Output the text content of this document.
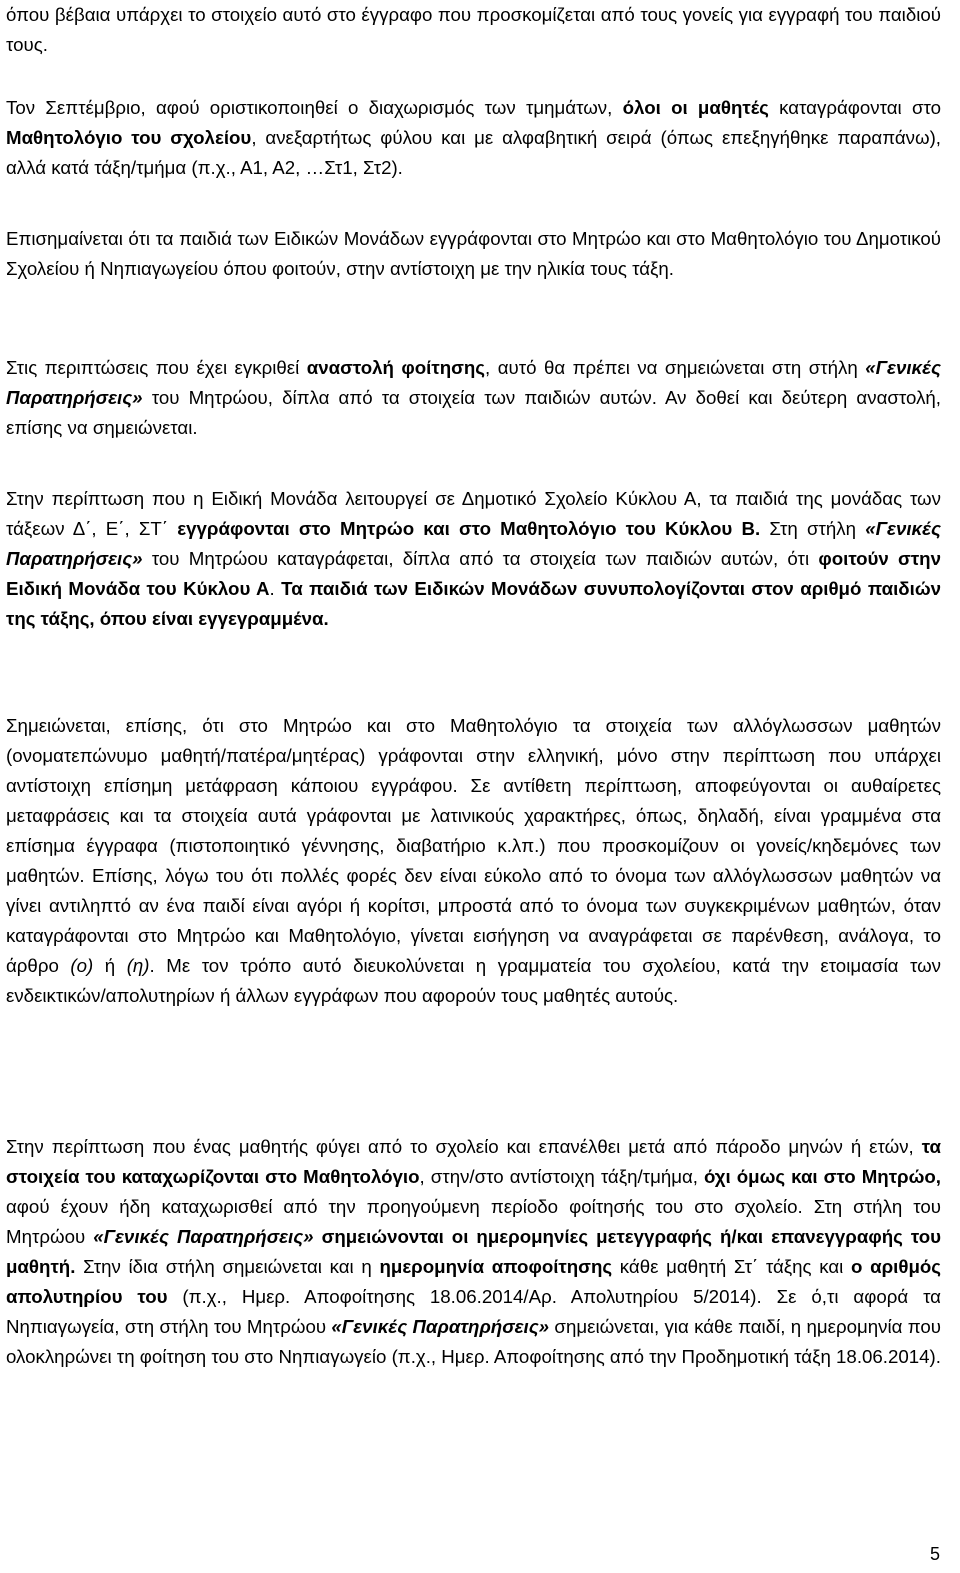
όπου βέβαια υπάρχει το στοιχείο αυτό στο έγγραφο που προσκομίζεται από τους γονείς για εγγραφή του παιδιού τους.

Τον Σεπτέμβριο, αφού οριστικοποιηθεί ο διαχωρισμός των τμημάτων, όλοι οι μαθητές καταγράφονται στο Μαθητολόγιο του σχολείου, ανεξαρτήτως φύλου και με αλφαβητική σειρά (όπως επεξηγήθηκε παραπάνω), αλλά κατά τάξη/τμήμα (π.χ., Α1, Α2, …Στ1, Στ2).

Επισημαίνεται ότι τα παιδιά των Ειδικών Μονάδων εγγράφονται στο Μητρώο και στο Μαθητολόγιο του Δημοτικού Σχολείου ή Νηπιαγωγείου όπου φοιτούν, στην αντίστοιχη με την ηλικία τους τάξη.

Στις περιπτώσεις που έχει εγκριθεί αναστολή φοίτησης, αυτό θα πρέπει να σημειώνεται στη στήλη «Γενικές Παρατηρήσεις» του Μητρώου, δίπλα από τα στοιχεία των παιδιών αυτών. Αν δοθεί και δεύτερη αναστολή, επίσης να σημειώνεται.

Στην περίπτωση που η Ειδική Μονάδα λειτουργεί σε Δημοτικό Σχολείο Κύκλου Α, τα παιδιά της μονάδας των τάξεων Δ΄, Ε΄, ΣΤ΄ εγγράφονται στο Μητρώο και στο Μαθητολόγιο του Κύκλου Β. Στη στήλη «Γενικές Παρατηρήσεις» του Μητρώου καταγράφεται, δίπλα από τα στοιχεία των παιδιών αυτών, ότι φοιτούν στην Ειδική Μονάδα του Κύκλου Α. Τα παιδιά των Ειδικών Μονάδων συνυπολογίζονται στον αριθμό παιδιών της τάξης, όπου είναι εγγεγραμμένα.

Σημειώνεται, επίσης, ότι στο Μητρώο και στο Μαθητολόγιο τα στοιχεία των αλλόγλωσσων μαθητών (ονοματεπώνυμο μαθητή/πατέρα/μητέρας) γράφονται στην ελληνική, μόνο στην περίπτωση που υπάρχει αντίστοιχη επίσημη μετάφραση κάποιου εγγράφου. Σε αντίθετη περίπτωση, αποφεύγονται οι αυθαίρετες μεταφράσεις και τα στοιχεία αυτά γράφονται με λατινικούς χαρακτήρες, όπως, δηλαδή, είναι γραμμένα στα επίσημα έγγραφα (πιστοποιητικό γέννησης, διαβατήριο κ.λπ.) που προσκομίζουν οι γονείς/κηδεμόνες των μαθητών. Επίσης, λόγω του ότι πολλές φορές δεν είναι εύκολο από το όνομα των αλλόγλωσσων μαθητών να γίνει αντιληπτό αν ένα παιδί είναι αγόρι ή κορίτσι, μπροστά από το όνομα των συγκεκριμένων μαθητών, όταν καταγράφονται στο Μητρώο και Μαθητολόγιο, γίνεται εισήγηση να αναγράφεται σε παρένθεση, ανάλογα, το άρθρο (ο) ή (η). Με τον τρόπο αυτό διευκολύνεται η γραμματεία του σχολείου, κατά την ετοιμασία των ενδεικτικών/απολυτηρίων ή άλλων εγγράφων που αφορούν τους μαθητές αυτούς.

Στην περίπτωση που ένας μαθητής φύγει από το σχολείο και επανέλθει μετά από πάροδο μηνών ή ετών, τα στοιχεία του καταχωρίζονται στο Μαθητολόγιο, στην/στο αντίστοιχη τάξη/τμήμα, όχι όμως και στο Μητρώο, αφού έχουν ήδη καταχωρισθεί από την προηγούμενη περίοδο φοίτησής του στο σχολείο. Στη στήλη του Μητρώου «Γενικές Παρατηρήσεις» σημειώνονται οι ημερομηνίες μετεγγραφής ή/και επανεγγραφής του μαθητή. Στην ίδια στήλη σημειώνεται και η ημερομηνία αποφοίτησης κάθε μαθητή Στ΄ τάξης και ο αριθμός απολυτηρίου του (π.χ., Ημερ. Αποφοίτησης 18.06.2014/Αρ. Απολυτηρίου 5/2014). Σε ό,τι αφορά τα Νηπιαγωγεία, στη στήλη του Μητρώου «Γενικές Παρατηρήσεις» σημειώνεται, για κάθε παιδί, η ημερομηνία που ολοκληρώνει τη φοίτηση του στο Νηπιαγωγείο (π.χ., Ημερ. Αποφοίτησης από την Προδημοτική τάξη 18.06.2014).

5
